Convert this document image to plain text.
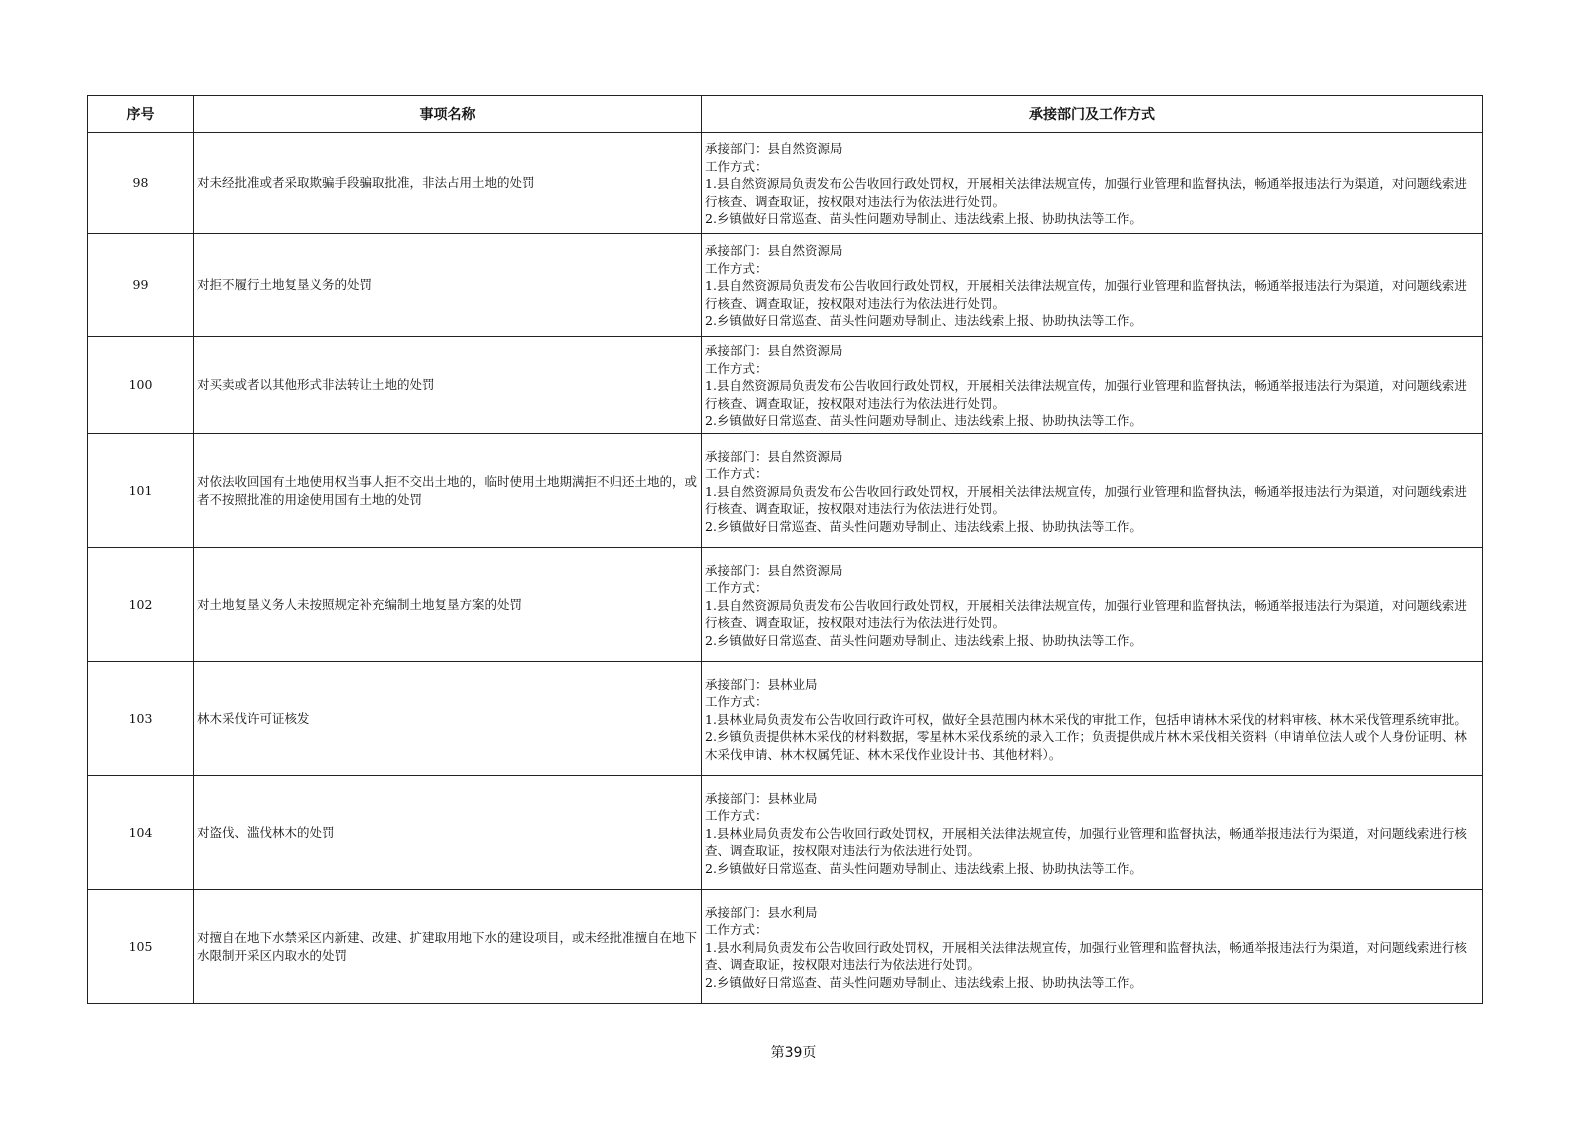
序号	事项名称	承接部门及工作方式
98	对未经批准或者采取欺骗手段骗取批准，非法占用土地的处罚	承接部门：县自然资源局
工作方式：
1.县自然资源局负责发布公告收回行政处罚权，开展相关法律法规宣传，加强行业管理和监督执法，畅通举报违法行为渠道，对问题线索进行核查、调查取证，按权限对违法行为依法进行处罚。
2.乡镇做好日常巡查、苗头性问题劝导制止、违法线索上报、协助执法等工作。

99	对拒不履行土地复垦义务的处罚	承接部门：县自然资源局
工作方式：
1.县自然资源局负责发布公告收回行政处罚权，开展相关法律法规宣传，加强行业管理和监督执法，畅通举报违法行为渠道，对问题线索进行核查、调查取证，按权限对违法行为依法进行处罚。
2.乡镇做好日常巡查、苗头性问题劝导制止、违法线索上报、协助执法等工作。

100	对买卖或者以其他形式非法转让土地的处罚	承接部门：县自然资源局
工作方式：
1.县自然资源局负责发布公告收回行政处罚权，开展相关法律法规宣传，加强行业管理和监督执法，畅通举报违法行为渠道，对问题线索进行核查、调查取证，按权限对违法行为依法进行处罚。
2.乡镇做好日常巡查、苗头性问题劝导制止、违法线索上报、协助执法等工作。

101	对依法收回国有土地使用权当事人拒不交出土地的，临时使用土地期满拒不归还土地的，或者不按照批准的用途使用国有土地的处罚	承接部门：县自然资源局
工作方式：
1.县自然资源局负责发布公告收回行政处罚权，开展相关法律法规宣传，加强行业管理和监督执法，畅通举报违法行为渠道，对问题线索进行核查、调查取证，按权限对违法行为依法进行处罚。
2.乡镇做好日常巡查、苗头性问题劝导制止、违法线索上报、协助执法等工作。

102	对土地复垦义务人未按照规定补充编制土地复垦方案的处罚	承接部门：县自然资源局
工作方式：
1.县自然资源局负责发布公告收回行政处罚权，开展相关法律法规宣传，加强行业管理和监督执法，畅通举报违法行为渠道，对问题线索进行核查、调查取证，按权限对违法行为依法进行处罚。
2.乡镇做好日常巡查、苗头性问题劝导制止、违法线索上报、协助执法等工作。

103	林木采伐许可证核发	承接部门：县林业局
工作方式：
1.县林业局负责发布公告收回行政许可权，做好全县范围内林木采伐的审批工作，包括申请林木采伐的材料审核、林木采伐管理系统审批。
2.乡镇负责提供林木采伐的材料数据，零星林木采伐系统的录入工作；负责提供成片林木采伐相关资料（申请单位法人或个人身份证明、林木采伐申请、林木权属凭证、林木采伐作业设计书、其他材料）。

104	对盗伐、滥伐林木的处罚	承接部门：县林业局
工作方式：
1.县林业局负责发布公告收回行政处罚权，开展相关法律法规宣传，加强行业管理和监督执法，畅通举报违法行为渠道，对问题线索进行核查、调查取证，按权限对违法行为依法进行处罚。
2.乡镇做好日常巡查、苗头性问题劝导制止、违法线索上报、协助执法等工作。

105	对擅自在地下水禁采区内新建、改建、扩建取用地下水的建设项目，或未经批准擅自在地下水限制开采区内取水的处罚	承接部门：县水利局
工作方式：
1.县水利局负责发布公告收回行政处罚权，开展相关法律法规宣传，加强行业管理和监督执法，畅通举报违法行为渠道，对问题线索进行核查、调查取证，按权限对违法行为依法进行处罚。
2.乡镇做好日常巡查、苗头性问题劝导制止、违法线索上报、协助执法等工作。
第39页
